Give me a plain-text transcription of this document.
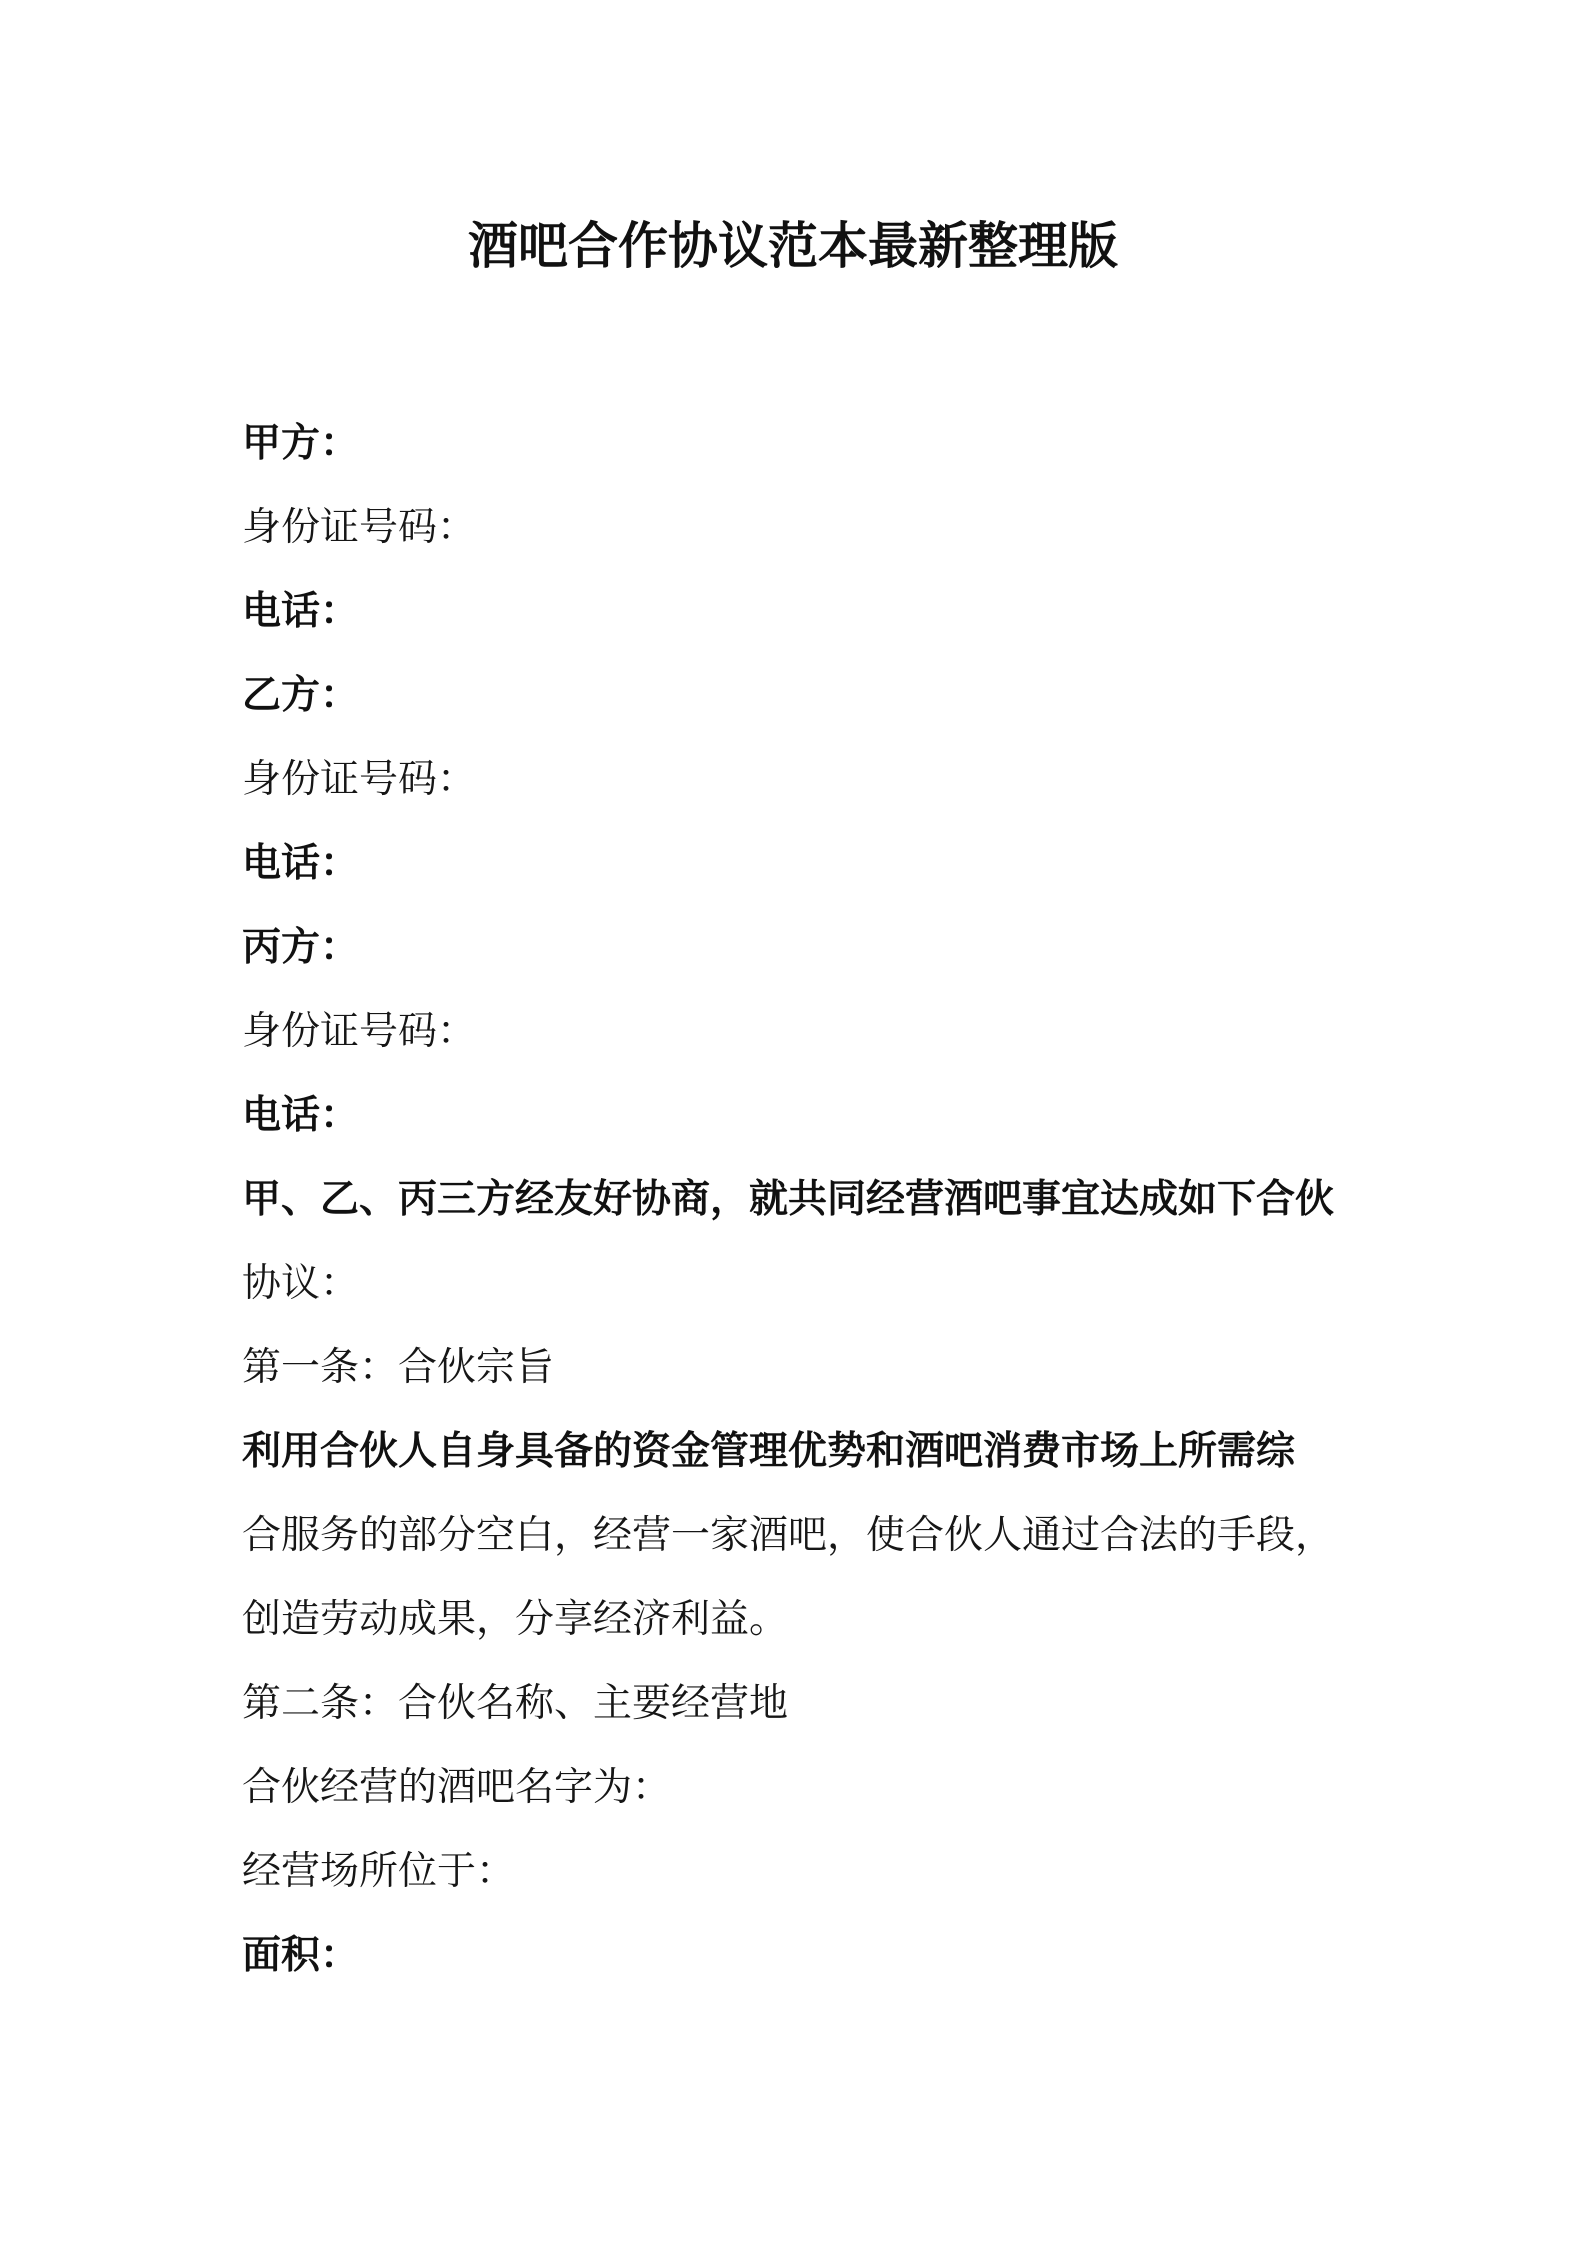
酒吧合作协议范本最新整理版
甲方：
身份证号码：
电话：
乙方：
身份证号码：
电话：
丙方：
身份证号码：
电话：
甲、乙、丙三方经友好协商，就共同经营酒吧事宜达成如下合伙
协议：
第一条：合伙宗旨
利用合伙人自身具备的资金管理优势和酒吧消费市场上所需综
合服务的部分空白，经营一家酒吧，使合伙人通过合法的手段，
创造劳动成果，分享经济利益。
第二条：合伙名称、主要经营地
合伙经营的酒吧名字为：
经营场所位于：
面积：
